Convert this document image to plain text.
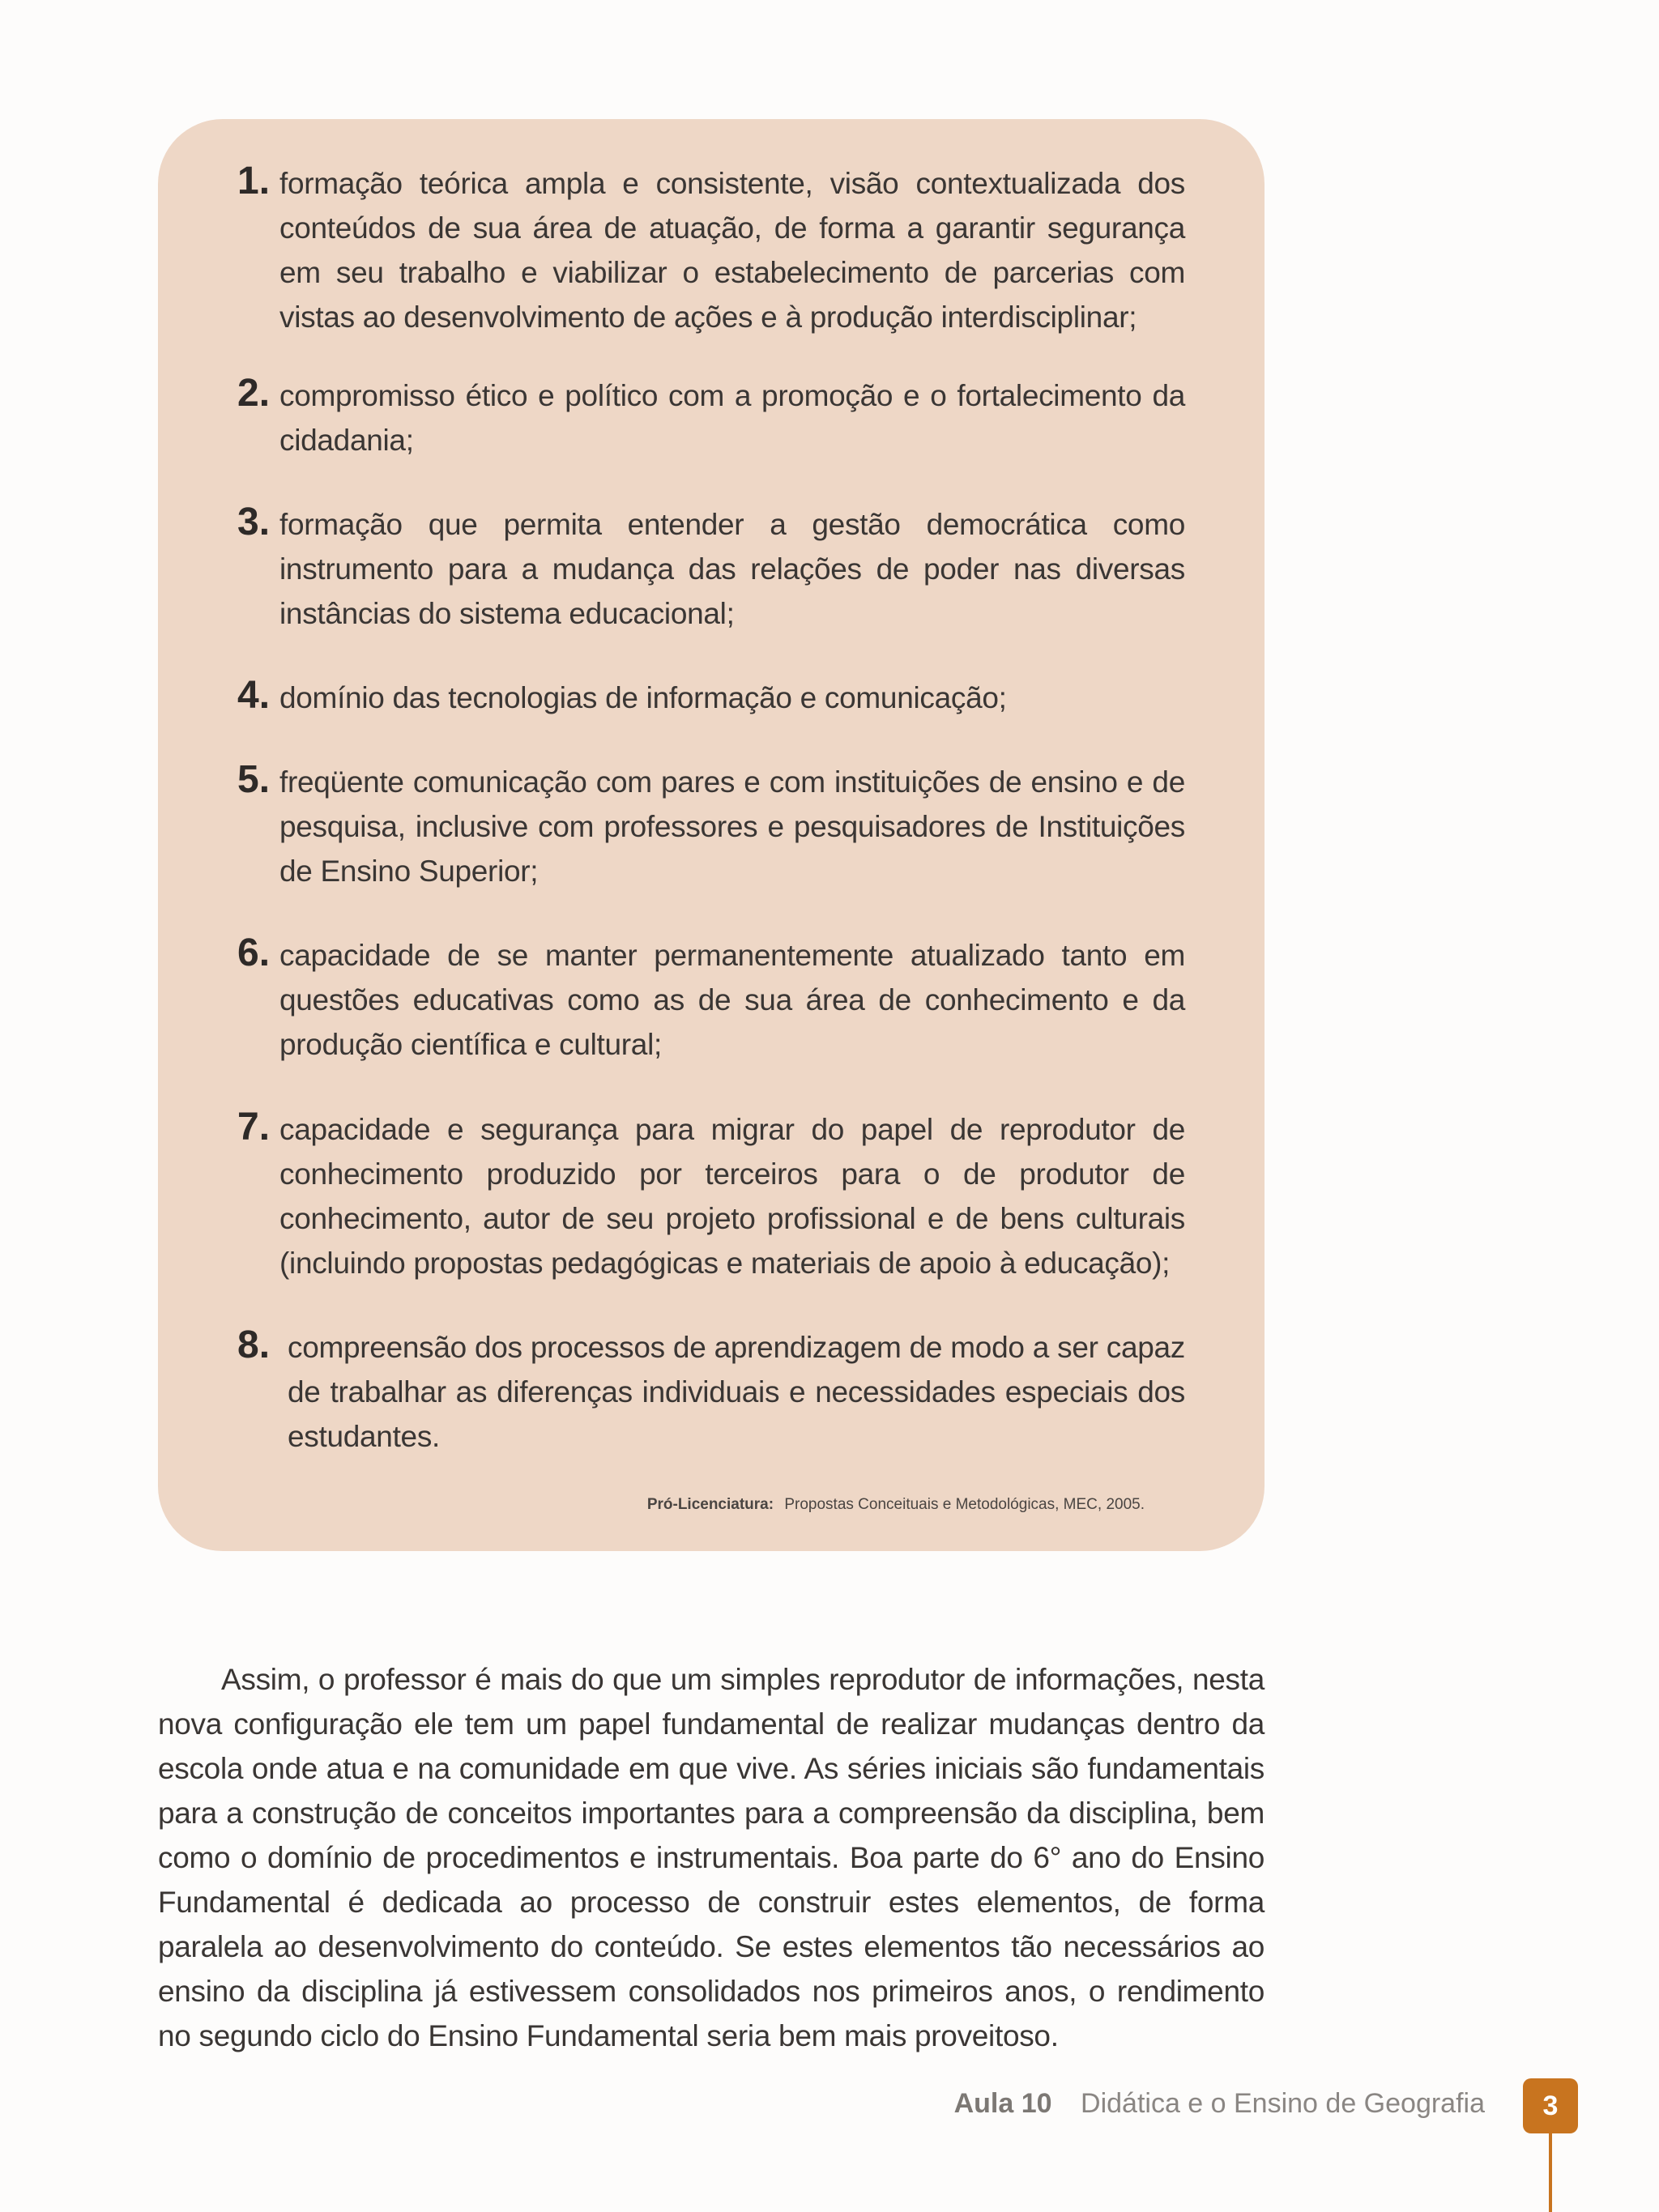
1. formação teórica ampla e consistente, visão contextualizada dos conteúdos de sua área de atuação, de forma a garantir segurança em seu trabalho e viabilizar o estabelecimento de parcerias com vistas ao desenvolvimento de ações e à produção interdisciplinar;
2. compromisso ético e político com a promoção e o fortalecimento da cidadania;
3. formação que permita entender a gestão democrática como instrumento para a mudança das relações de poder nas diversas instâncias do sistema educacional;
4. domínio das tecnologias de informação e comunicação;
5. freqüente comunicação com pares e com instituições de ensino e de pesquisa, inclusive com professores e pesquisadores de Instituições de Ensino Superior;
6. capacidade de se manter permanentemente atualizado tanto em questões educativas como as de sua área de conhecimento e da produção científica e cultural;
7. capacidade e segurança para migrar do papel de reprodutor de conhecimento produzido por terceiros para o de produtor de conhecimento, autor de seu projeto profissional e de bens culturais (incluindo propostas pedagógicas e materiais de apoio à educação);
8. compreensão dos processos de aprendizagem de modo a ser capaz de trabalhar as diferenças individuais e necessidades especiais dos estudantes.
Pró-Licenciatura: Propostas Conceituais e Metodológicas, MEC, 2005.

Assim, o professor é mais do que um simples reprodutor de informações, nesta nova configuração ele tem um papel fundamental de realizar mudanças dentro da escola onde atua e na comunidade em que vive. As séries iniciais são fundamentais para a construção de conceitos importantes para a compreensão da disciplina, bem como o domínio de procedimentos e instrumentais. Boa parte do 6° ano do Ensino Fundamental é dedicada ao processo de construir estes elementos, de forma paralela ao desenvolvimento do conteúdo. Se estes elementos tão necessários ao ensino da disciplina já estivessem consolidados nos primeiros anos, o rendimento no segundo ciclo do Ensino Fundamental seria bem mais proveitoso.

Aula 10 Didática e o Ensino de Geografia	3
